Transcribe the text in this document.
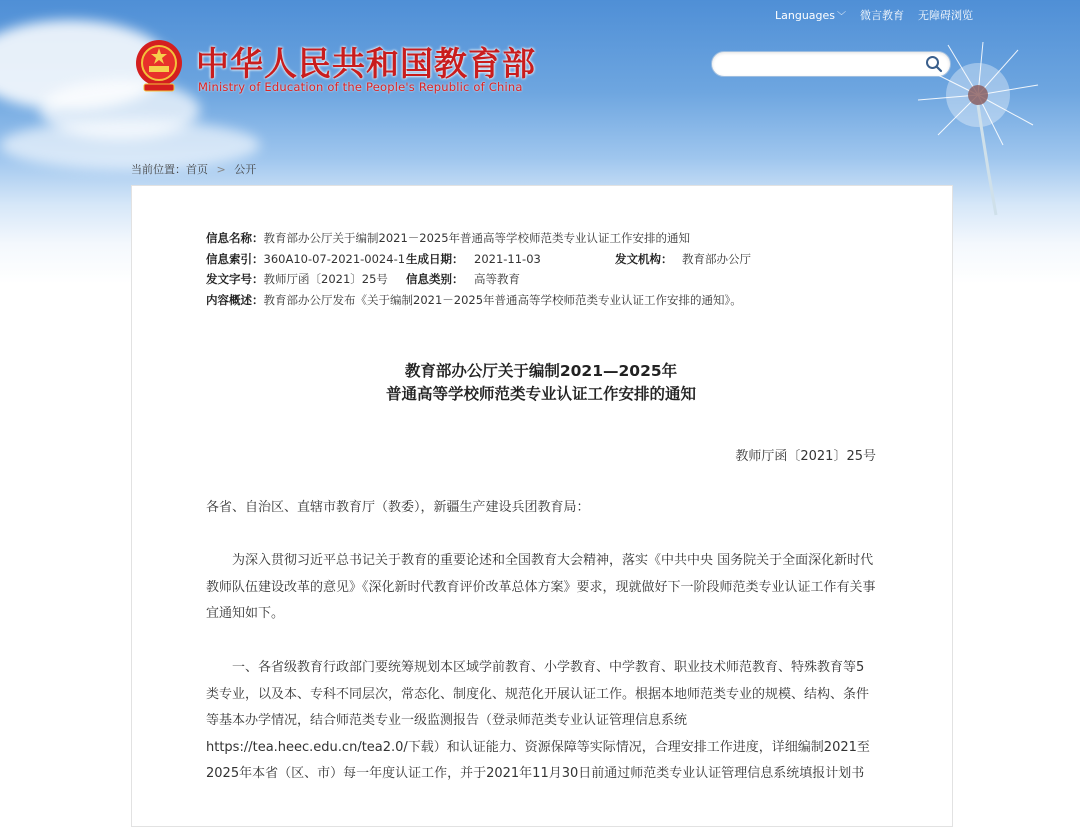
Languages ﹀ 微言教育 无障碍浏览
中华人民共和国教育部
Ministry of Education of the People's Republic of China
当前位置：首页 > 公开
信息名称：教育部办公厅关于编制2021－2025年普通高等学校师范类专业认证工作安排的通知
信息索引：360A10-07-2021-0024-1 生成日期： 2021-11-03	发文机构： 教育部办公厅
发文字号：教师厅函〔2021〕25号 信息类别： 高等教育
内容概述：教育部办公厅发布《关于编制2021－2025年普通高等学校师范类专业认证工作安排的通知》。
教育部办公厅关于编制2021—2025年
普通高等学校师范类专业认证工作安排的通知
教师厅函〔2021〕25号
各省、自治区、直辖市教育厅（教委），新疆生产建设兵团教育局：
为深入贯彻习近平总书记关于教育的重要论述和全国教育大会精神，落实《中共中央 国务院关于全面深化新时代教师队伍建设改革的意见》《深化新时代教育评价改革总体方案》要求，现就做好下一阶段师范类专业认证工作有关事宜通知如下。
一、各省级教育行政部门要统筹规划本区域学前教育、小学教育、中学教育、职业技术师范教育、特殊教育等5类专业，以及本、专科不同层次，常态化、制度化、规范化开展认证工作。根据本地师范类专业的规模、结构、条件等基本办学情况，结合师范类专业一级监测报告（登录师范类专业认证管理信息系统https://tea.heec.edu.cn/tea2.0/下载）和认证能力、资源保障等实际情况，合理安排工作进度，详细编制2021至2025年本省（区、市）每一年度认证工作，并于2021年11月30日前通过师范类专业认证管理信息系统填报计划书
